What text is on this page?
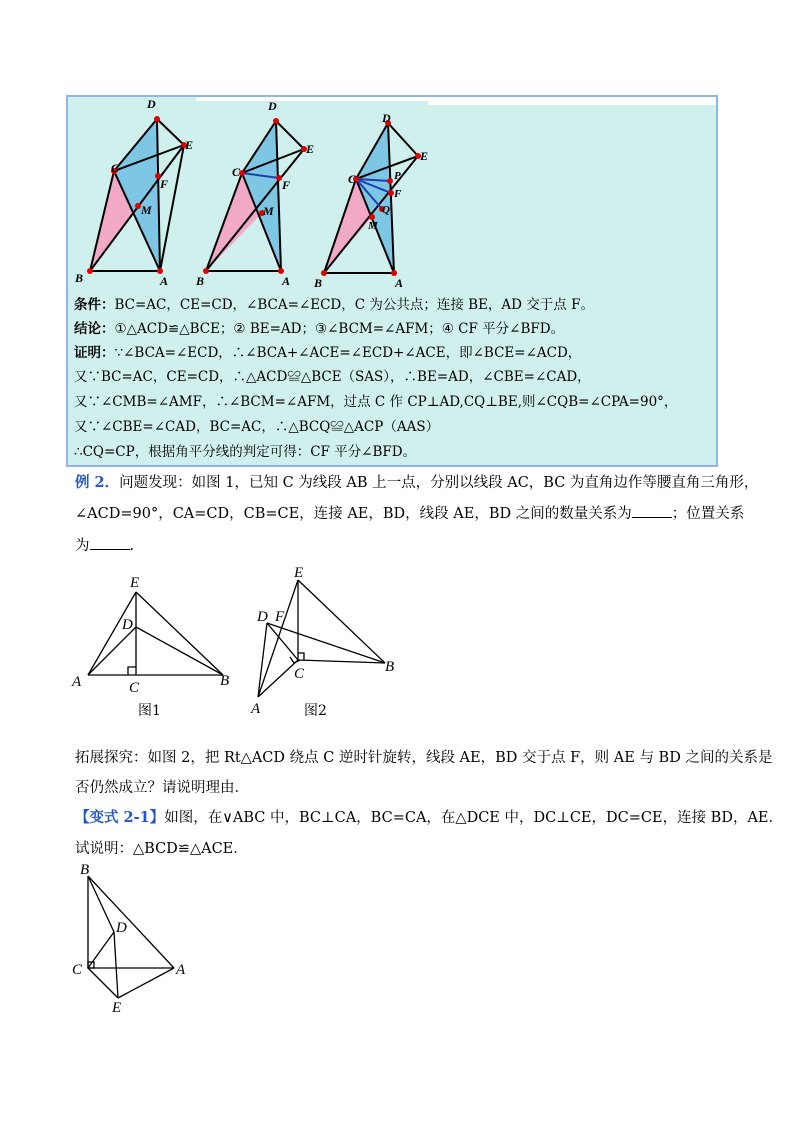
D
E
C
F
M
B	A
D
E
C
F
M
B	A
D
E
C	P
F
Q
M
B	A
条件：BC=AC，CE=CD，∠BCA=∠ECD，C 为公共点；连接 BE，AD 交于点 F。
结论：①△ACD≌△BCE；② BE=AD；③∠BCM=∠AFM；④ CF 平分∠BFD。
证明：∵∠BCA=∠ECD，∴∠BCA+∠ACE=∠ECD+∠ACE，即∠BCE=∠ACD，
又∵BC=AC，CE=CD，∴△ACD≌△BCE（SAS），∴BE=AD，∠CBE=∠CAD，
又∵∠CMB=∠AMF，∴∠BCM=∠AFM，过点 C 作 CP⊥AD,CQ⊥BE,则∠CQB=∠CPA=90°，
又∵∠CBE=∠CAD，BC=AC，∴△BCQ≌△ACP（AAS）
∴CQ=CP，根据角平分线的判定可得：CF 平分∠BFD。
例 2．问题发现：如图 1，已知 C 为线段 AB 上一点，分别以线段 AC，BC 为直角边作等腰直角三角形，
∠ACD=90°，CA=CD，CB=CE，连接 AE，BD，线段 AE，BD 之间的数量关系为	；位置关系
为	．
E
D
A	C	B
图1
E
D F
C	B
A	图2
拓展探究：如图 2，把 Rt△ACD 绕点 C 逆时针旋转，线段 AE，BD 交于点 F，则 AE 与 BD 之间的关系是
否仍然成立？请说明理由．
【变式 2-1】如图，在∨ABC 中，BC⊥CA，BC=CA，在△DCE 中，DC⊥CE，DC=CE，连接 BD，AE．
试说明：△BCD≌△ACE．
B
D
C	A
E
